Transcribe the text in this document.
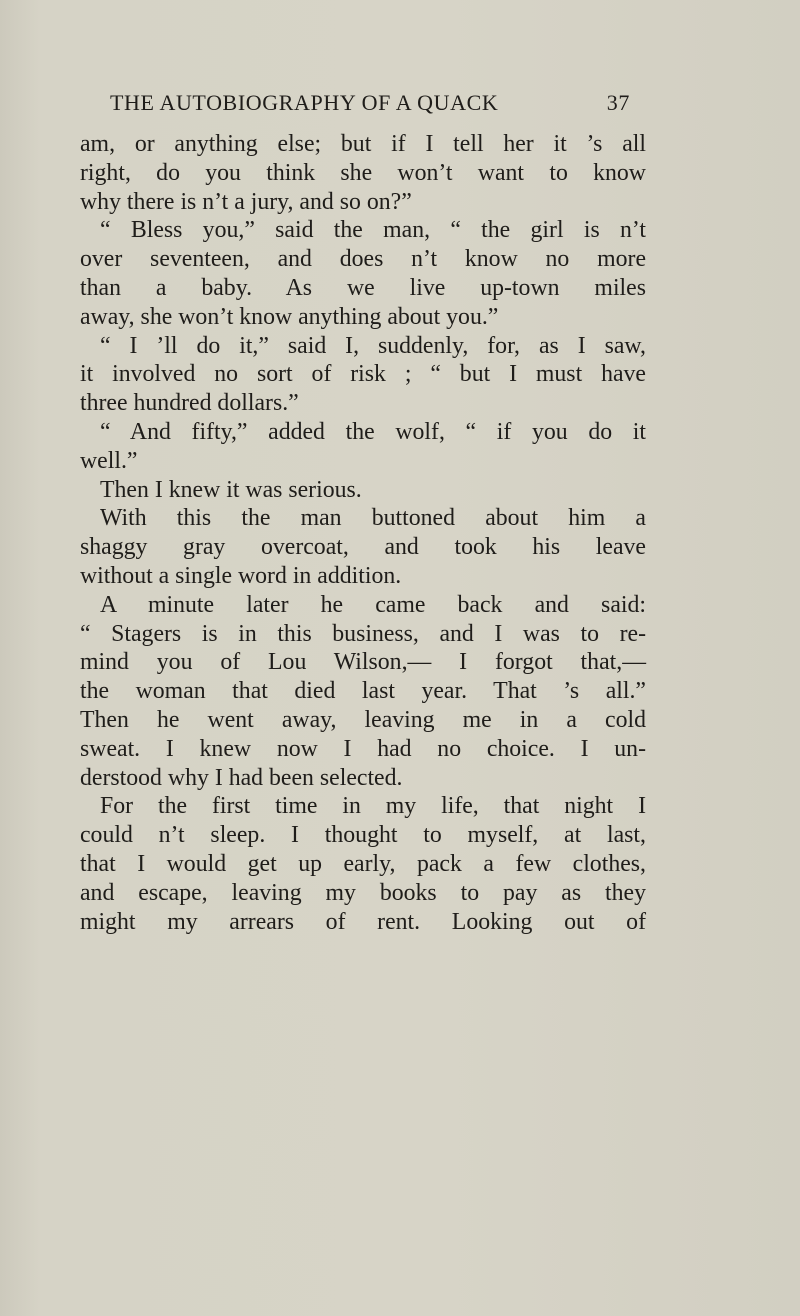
THE AUTOBIOGRAPHY OF A QUACK	37
am, or anything else; but if I tell her it ’s all
right, do you think she won’t want to know
why there is n’t a jury, and so on?”
“ Bless you,” said the man, “ the girl is n’t
over seventeen, and does n’t know no more
than a baby. As we live up-town miles
away, she won’t know anything about you.”
“ I ’ll do it,” said I, suddenly, for, as I saw,
it involved no sort of risk ; “ but I must have
three hundred dollars.”
“ And fifty,” added the wolf, “ if you do it
well.”
Then I knew it was serious.
With this the man buttoned about him a
shaggy gray overcoat, and took his leave
without a single word in addition.
A minute later he came back and said:
“ Stagers is in this business, and I was to re-
mind you of Lou Wilson,— I forgot that,—
the woman that died last year. That ’s all.”
Then he went away, leaving me in a cold
sweat. I knew now I had no choice. I un-
derstood why I had been selected.
For the first time in my life, that night I
could n’t sleep. I thought to myself, at last,
that I would get up early, pack a few clothes,
and escape, leaving my books to pay as they
might my arrears of rent. Looking out of
